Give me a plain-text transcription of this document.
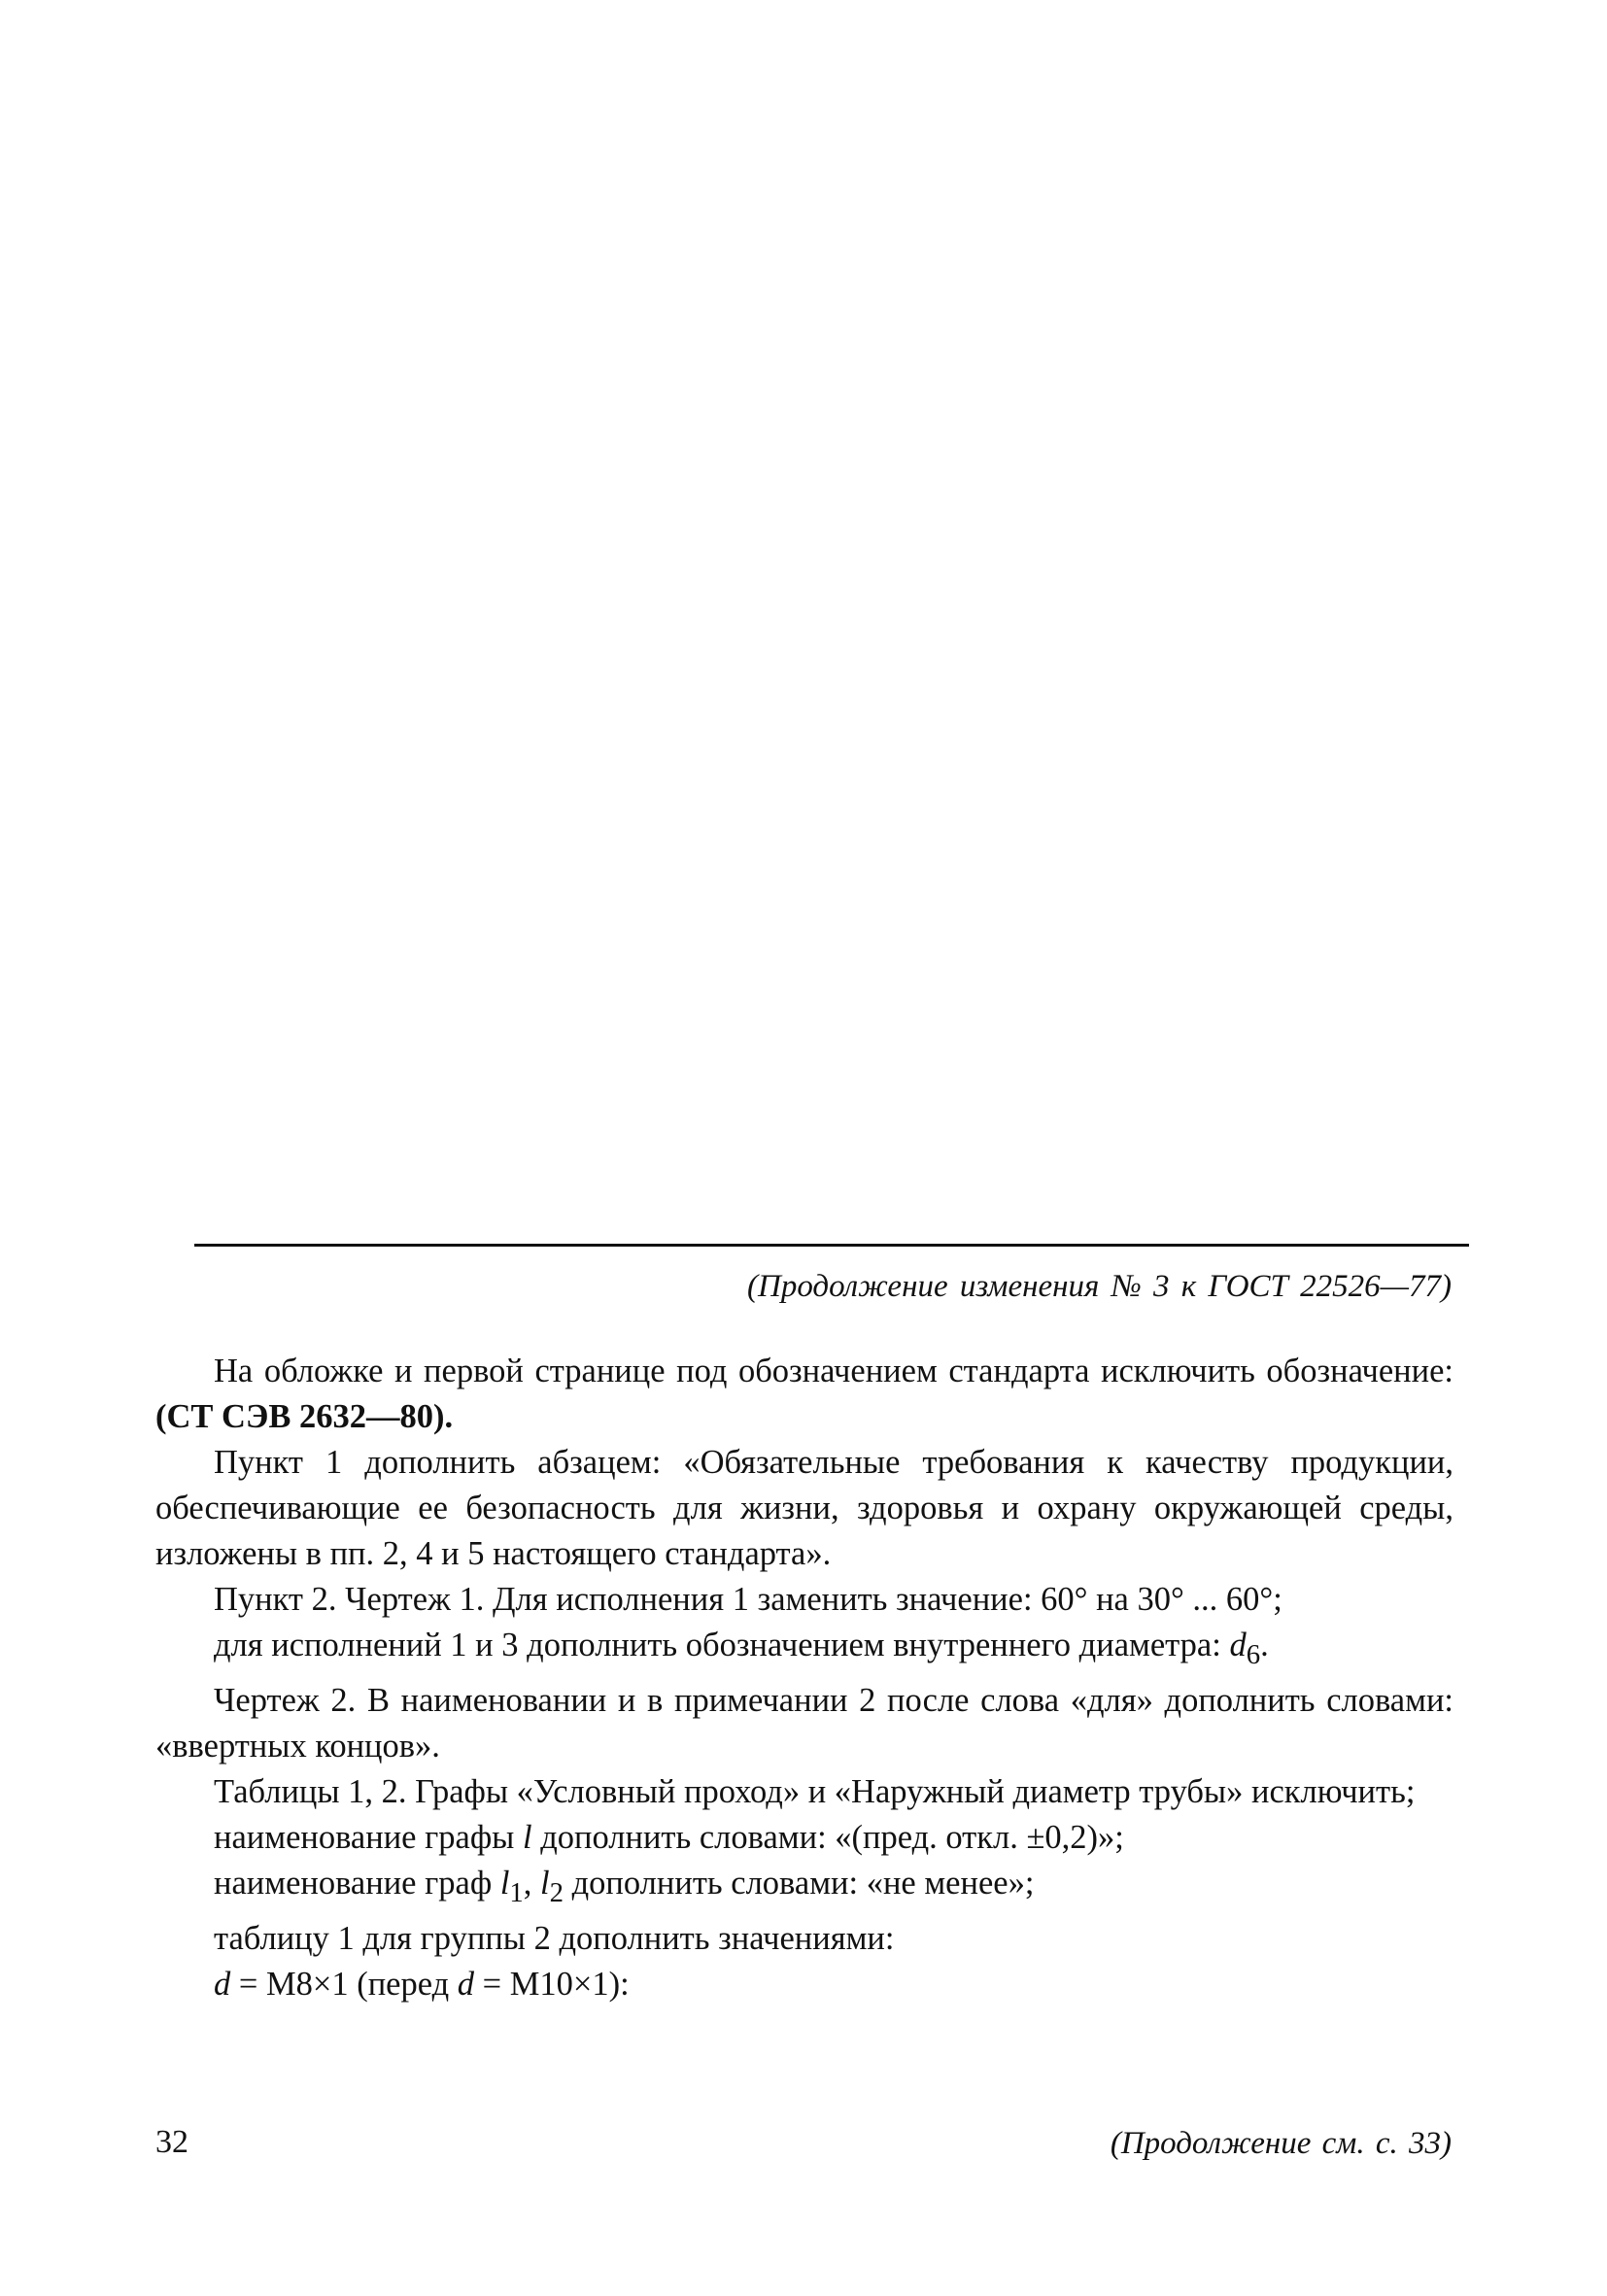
(Продолжение изменения № 3 к ГОСТ 22526—77)

На обложке и первой странице под обозначением стандарта исключить обозначение: (СТ СЭВ 2632—80).

Пункт 1 дополнить абзацем: «Обязательные требования к качеству продукции, обеспечивающие ее безопасность для жизни, здоровья и охрану окружающей среды, изложены в пп. 2, 4 и 5 настоящего стандарта».

Пункт 2. Чертеж 1. Для исполнения 1 заменить значение: 60° на 30° ... 60°;

для исполнений 1 и 3 дополнить обозначением внутреннего диаметра: $d_6$.

Чертеж 2. В наименовании и в примечании 2 после слова «для» дополнить словами: «ввертных концов».

Таблицы 1, 2. Графы «Условный проход» и «Наружный диаметр трубы» исключить;

наименование графы l дополнить словами: «(пред. откл. ±0,2)»;

наименование граф $l_1$, $l_2$ дополнить словами: «не менее»;

таблицу 1 для группы 2 дополнить значениями:

d = M8×1 (перед d = M10×1):

(Продолжение см. с. 33)
32
